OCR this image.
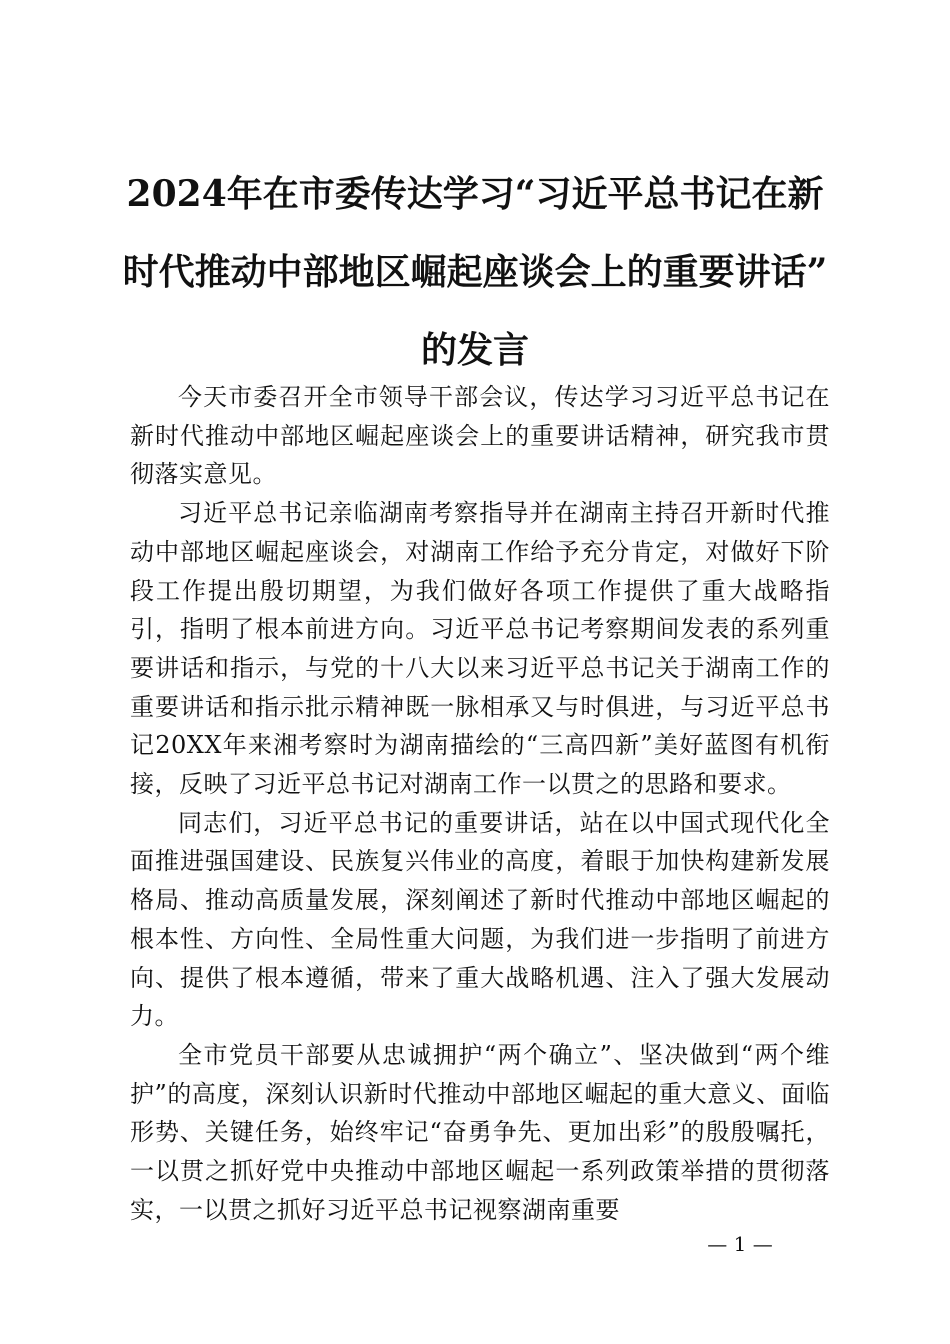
2024年在市委传达学习“习近平总书记在新
时代推动中部地区崛起座谈会上的重要讲话”
的发言

今天市委召开全市领导干部会议，传达学习习近平总书记在新时代推动中部地区崛起座谈会上的重要讲话精神，研究我市贯彻落实意见。

习近平总书记亲临湖南考察指导并在湖南主持召开新时代推动中部地区崛起座谈会，对湖南工作给予充分肯定，对做好下阶段工作提出殷切期望，为我们做好各项工作提供了重大战略指引，指明了根本前进方向。习近平总书记考察期间发表的系列重要讲话和指示，与党的十八大以来习近平总书记关于湖南工作的重要讲话和指示批示精神既一脉相承又与时俱进，与习近平总书记20XX年来湘考察时为湖南描绘的“三高四新”美好蓝图有机衔接，反映了习近平总书记对湖南工作一以贯之的思路和要求。

同志们，习近平总书记的重要讲话，站在以中国式现代化全面推进强国建设、民族复兴伟业的高度，着眼于加快构建新发展格局、推动高质量发展，深刻阐述了新时代推动中部地区崛起的根本性、方向性、全局性重大问题，为我们进一步指明了前进方向、提供了根本遵循，带来了重大战略机遇、注入了强大发展动力。

全市党员干部要从忠诚拥护“两个确立”、坚决做到“两个维护”的高度，深刻认识新时代推动中部地区崛起的重大意义、面临形势、关键任务，始终牢记“奋勇争先、更加出彩”的殷殷嘱托，一以贯之抓好党中央推动中部地区崛起一系列政策举措的贯彻落实，一以贯之抓好习近平总书记视察湖南重要

— 1 —
